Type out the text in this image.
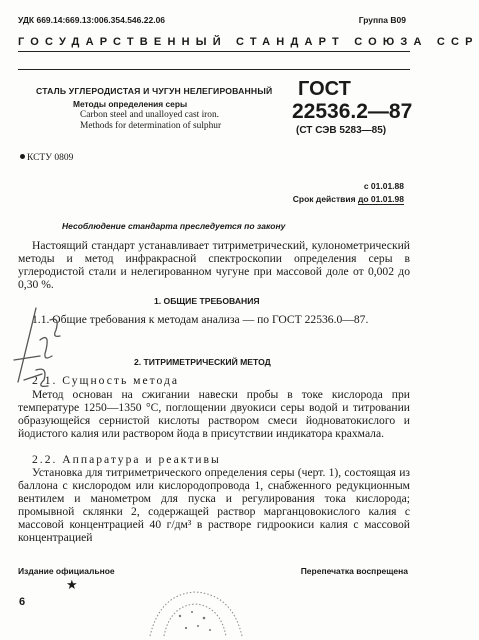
УДК 669.14:669.13:006.354.546.22.06	Группа В09
ГОСУДАРСТВЕННЫЙ СТАНДАРТ СОЮЗА ССР
СТАЛЬ УГЛЕРОДИСТАЯ И ЧУГУН НЕЛЕГИРОВАННЫЙ
Методы определения серы
Carbon steel and unalloyed cast iron.
Methods for determination of sulphur
ГОСТ
22536.2—87
(СТ СЭВ 5283—85)
КСТУ 0809
с 01.01.88
Срок действия до 01.01.98
Несоблюдение стандарта преследуется по закону
Настоящий стандарт устанавливает титриметрический, кулонометрический методы и метод инфракрасной спектроскопии определения серы в углеродистой стали и нелегированном чугуне при массовой доле от 0,002 до 0,30 %.
1. ОБЩИЕ ТРЕБОВАНИЯ
1.1. Общие требования к методам анализа — по ГОСТ 22536.0—87.
2. ТИТРИМЕТРИЧЕСКИЙ МЕТОД
2.1. Сущность метода
Метод основан на сжигании навески пробы в токе кислорода при температуре 1250—1350 °С, поглощении двуокиси серы водой и титровании образующейся сернистой кислоты раствором смеси йодноватокислого и йодистого калия или раствором йода в присутствии индикатора крахмала.
2.2. Аппаратура и реактивы
Установка для титриметрического определения серы (черт. 1), состоящая из баллона с кислородом или кислородопровода 1, снабженного редукционным вентилем и манометром для пуска и регулирования тока кислорода; промывной склянки 2, содержащей раствор марганцовокислого калия с массовой концентрацией 40 г/дм³ в растворе гидроокиси калия с массовой концентрацией
Издание официальное	Перепечатка воспрещена
★
6
